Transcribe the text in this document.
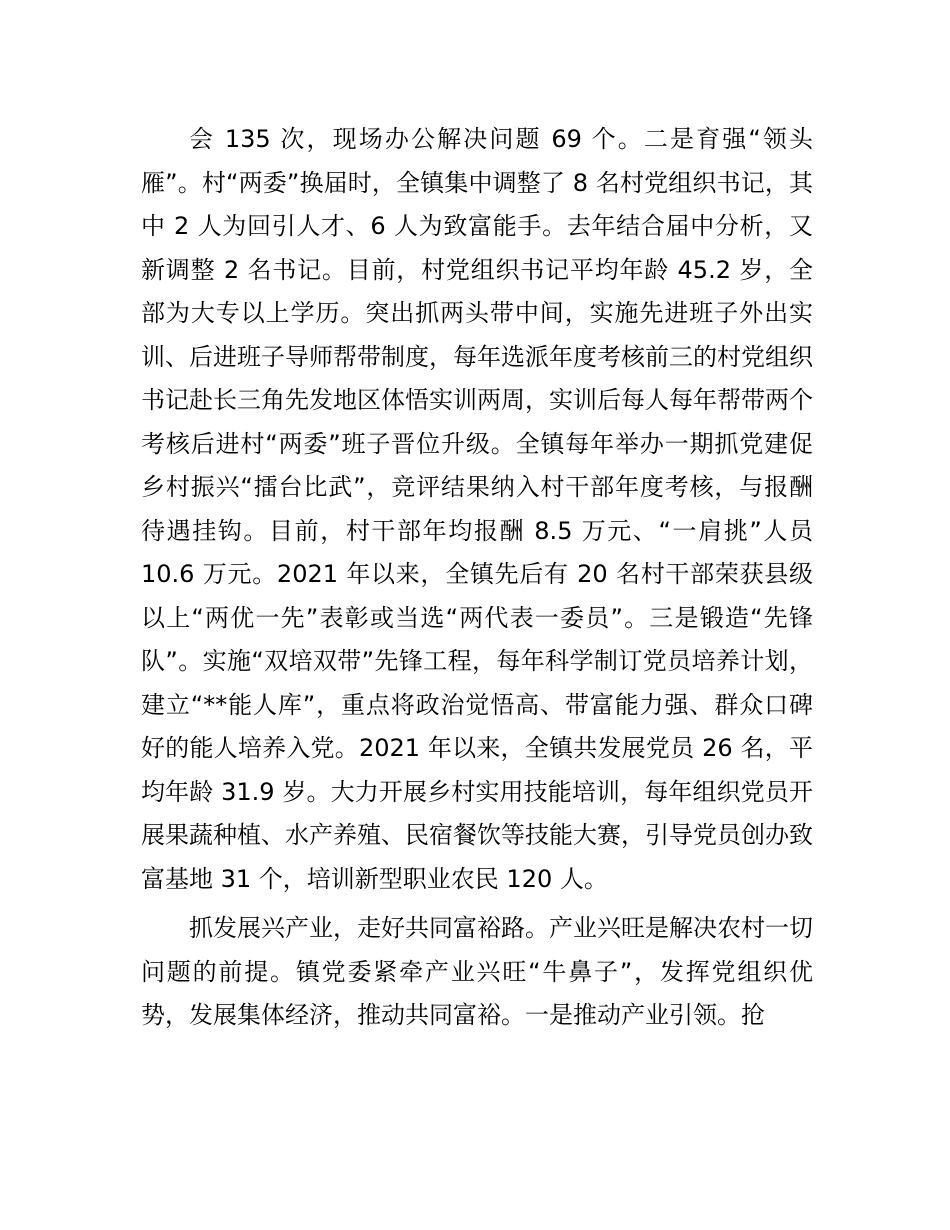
会 135 次，现场办公解决问题 69 个。二是育强“领头雁”。村“两委”换届时，全镇集中调整了 8 名村党组织书记，其中 2 人为回引人才、6 人为致富能手。去年结合届中分析，又新调整 2 名书记。目前，村党组织书记平均年龄 45.2 岁，全部为大专以上学历。突出抓两头带中间，实施先进班子外出实训、后进班子导师帮带制度，每年选派年度考核前三的村党组织书记赴长三角先发地区体悟实训两周，实训后每人每年帮带两个考核后进村“两委”班子晋位升级。全镇每年举办一期抓党建促乡村振兴“擂台比武”，竞评结果纳入村干部年度考核，与报酬待遇挂钩。目前，村干部年均报酬 8.5 万元、“一肩挑”人员 10.6 万元。2021 年以来，全镇先后有 20 名村干部荣获县级以上“两优一先”表彰或当选“两代表一委员”。三是锻造“先锋队”。实施“双培双带”先锋工程，每年科学制订党员培养计划，建立“**能人库”，重点将政治觉悟高、带富能力强、群众口碑好的能人培养入党。2021 年以来，全镇共发展党员 26 名，平均年龄 31.9 岁。大力开展乡村实用技能培训，每年组织党员开展果蔬种植、水产养殖、民宿餐饮等技能大赛，引导党员创办致富基地 31 个，培训新型职业农民 120 人。

抓发展兴产业，走好共同富裕路。产业兴旺是解决农村一切问题的前提。镇党委紧牵产业兴旺“牛鼻子”，发挥党组织优势，发展集体经济，推动共同富裕。一是推动产业引领。抢
